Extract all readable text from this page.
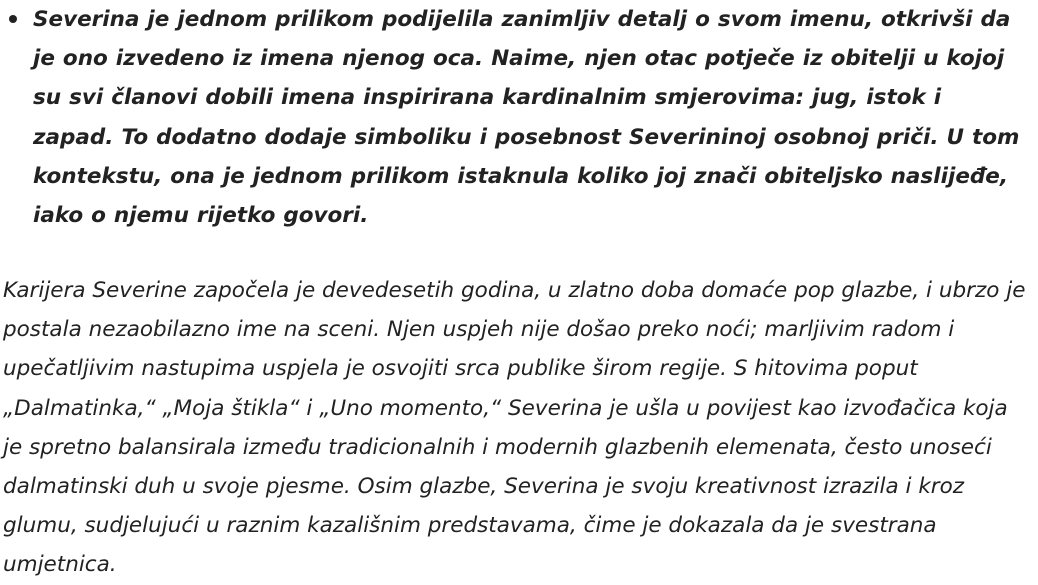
Severina je jednom prilikom podijelila zanimljiv detalj o svom imenu, otkrivši da je ono izvedeno iz imena njenog oca. Naime, njen otac potječe iz obitelji u kojoj su svi članovi dobili imena inspirirana kardinalnim smjerovima: jug, istok i zapad. To dodatno dodaje simboliku i posebnost Severininoj osobnoj priči. U tom kontekstu, ona je jednom prilikom istaknula koliko joj znači obiteljsko naslijeđe, iako o njemu rijetko govori.

Karijera Severine započela je devedesetih godina, u zlatno doba domaće pop glazbe, i ubrzo je postala nezaobilazno ime na sceni. Njen uspjeh nije došao preko noći; marljivim radom i upečatljivim nastupima uspjela je osvojiti srca publike širom regije. S hitovima poput „Dalmatinka,“ „Moja štikla“ i „Uno momento,“ Severina je ušla u povijest kao izvođačica koja je spretno balansirala između tradicionalnih i modernih glazbenih elemenata, često unoseći dalmatinski duh u svoje pjesme. Osim glazbe, Severina je svoju kreativnost izrazila i kroz glumu, sudjelujući u raznim kazališnim predstavama, čime je dokazala da je svestrana umjetnica.
